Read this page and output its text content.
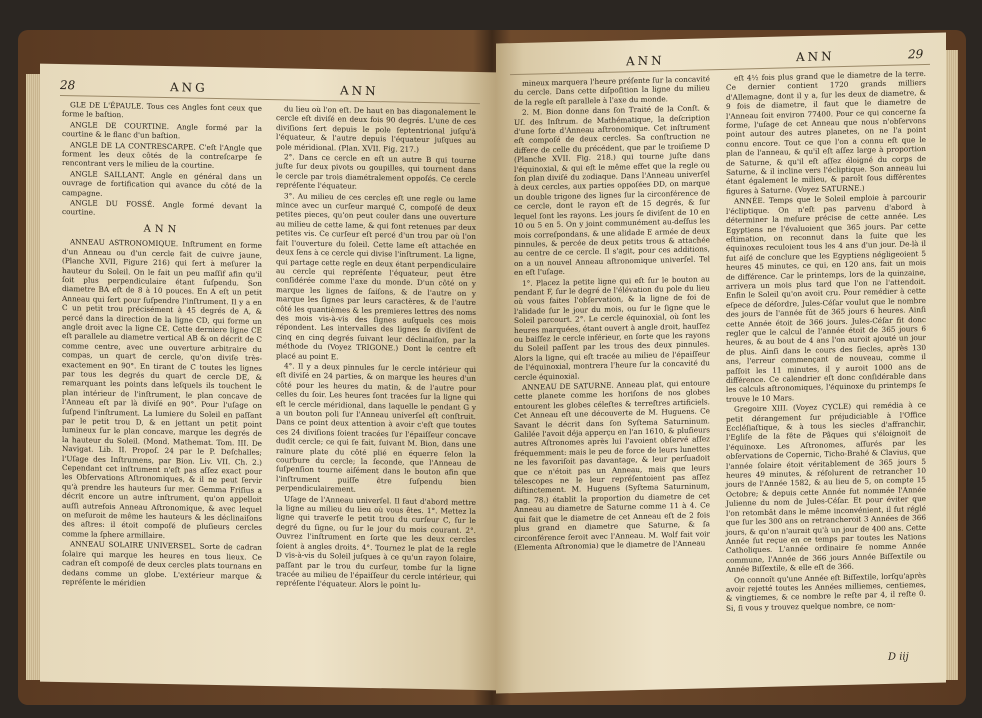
28	ANG	ANN

GLE DE L'ÉPAULE. Tous ces Angles font ceux que forme le baſtion.

ANGLE DE COURTINE. Angle formé par la courtine & le flanc d'un baſtion.

ANGLE DE LA CONTRESCARPE. C'eſt l'Angle que forment les deux côtés de la contreſcarpe ſe rencontrant vers le milieu de la courtine.

ANGLE SAILLANT. Angle en général dans un ouvrage de fortification qui avance du côté de la campagne.

ANGLE DU FOSSÉ. Angle formé devant la courtine.

ANN

ANNEAU ASTRONOMIQUE. Inſtrument en forme d'un Anneau ou d'un cercle fait de cuivre jaune, (Planche XVII, Figure 216) qui ſert à meſurer la hauteur du Soleil. On le fait un peu maſſif afin qu'il ſoit plus perpendiculaire étant ſuſpendu. Son diametre BA eſt de 8 à 10 pouces. En A eſt un petit Anneau qui ſert pour ſuſpendre l'inſtrument. Il y a en C un petit trou précisément à 45 degrés de A, & percé dans la direction de la ligne CD, qui forme un angle droit avec la ligne CE. Cette derniere ligne CE eſt parallele au diametre vertical AB & on décrit de C comme centre, avec une ouverture arbitraire du compas, un quart de cercle, qu'on diviſe très-exactement en 90°. En tirant de C toutes les lignes par tous les degrés du quart de cercle DE, & remarquant les points dans leſquels ils touchent le plan intérieur de l'inſtrument, le plan concave de l'Anneau eſt par là diviſé en 90°. Pour l'uſage on ſuſpend l'inſtrument. La lumiere du Soleil en paſſant par le petit trou D, & en jettant un petit point lumineux ſur le plan concave, marque les degrés de la hauteur du Soleil. (Mond. Mathemat. Tom. III. De Navigat. Lib. II. Propoſ. 24 par le P. Deſchalles; l'Uſage des Inſtrumens, par Bion. Liv. VII. Ch. 2.) Cependant cet inſtrument n'eſt pas aſſez exact pour les Obſervations Aſtronomiques, & il ne peut ſervir qu'à prendre les hauteurs ſur mer. Gemma Friſius a décrit encore un autre inſtrument, qu'on appelloit auſſi autrefois Anneau Aſtronomique, & avec lequel on meſuroit de même les hauteurs & les déclinaiſons des aſtres: il étoit compoſé de pluſieurs cercles comme la ſphere armillaire.

ANNEAU SOLAIRE UNIVERSEL. Sorte de cadran ſolaire qui marque les heures en tous lieux. Ce cadran eſt compoſé de deux cercles plats tournans en dedans comme un globe. L'extérieur marque & repréſente le méridien

du lieu où l'on eſt. De haut en bas diagonalement le cercle eſt diviſé en deux fois 90 degrés. L'une de ces diviſions ſert depuis le pole ſeptentrional juſqu'à l'équateur, & l'autre depuis l'équateur juſques au pole méridional. (Plan. XVII. Fig. 217.)

2°. Dans ce cercle en eſt un autre B qui tourne juſte ſur deux pivots ou goupilles, qui tournent dans le cercle par trois diamétralement oppoſés. Ce cercle repréſente l'équateur.

3°. Au milieu de ces cercles eſt une regle ou lame mince avec un curſeur marqué C, compoſé de deux petites pieces, qu'on peut couler dans une ouverture au milieu de cette lame, & qui font retenues par deux petites vis. Ce curſeur eſt percé d'un trou par où l'on fait l'ouverture du ſoleil. Cette lame eſt attachée en deux ſens à ce cercle qui divise l'inſtrument. La ligne, qui partage cette regle en deux étant perpendiculaire au cercle qui repréſente l'équateur, peut être conſidérée comme l'axe du monde. D'un côté on y marque les lignes de ſaiſons, & de l'autre on y marque les ſignes par leurs caractères, & de l'autre côté les quantièmes & les premieres lettres des noms des mois vis-à-vis des ſignes auſquels ces mois répondent. Les intervalles des lignes ſe diviſent de cinq en cinq degrés ſuivant leur déclinaiſon, par la méthode du (Voyez TRIGONE.) Dont le centre eſt placé au point E.

4°. Il y a deux pinnules ſur le cercle intérieur qui eſt diviſé en 24 parties, & on marque les heures d'un côté pour les heures du matin, & de l'autre pour celles du ſoir. Les heures ſont tracées ſur la ligne qui eſt le cercle méridional, dans laquelle le pendant G y a un bouton poli ſur l'Anneau univerſel eſt conſtruit. Dans ce point deux attention à avoir c'eſt que toutes ces 24 diviſions ſoient tracées ſur l'épaiſſeur concave dudit cercle; ce qui ſe fait, ſuivant M. Bion, dans une rainure plate du côté plié en équerre ſelon la courbure du cercle; la ſeconde, que l'Anneau de ſuſpenſion tourne aiſément dans le bouton afin que l'inſtrument puiſſe être ſuſpendu bien perpendiculairement.

Uſage de l'Anneau univerſel. Il faut d'abord mettre la ligne au milieu du lieu où vous êtes. 1°. Mettez la ligne qui traverſe le petit trou du curſeur C, ſur le degré du ſigne, ou ſur le jour du mois courant. 2°. Ouvrez l'inſtrument en ſorte que les deux cercles ſoient à angles droits. 4°. Tournez le plat de la regle D vis-à-vis du Soleil juſques à ce qu'un rayon ſolaire, paſſant par le trou du curſeur, tombe ſur la ligne tracée au milieu de l'épaiſſeur du cercle intérieur, qui repréſente l'équateur. Alors le point lu-

ANN	ANN	29

mineux marquera l'heure préſente ſur la concavité du cercle. Dans cette diſpoſition la ligne du milieu de la regle eſt parallele à l'axe du monde.

2. M. Bion donne dans ſon Traité de la Conſt. & Uſ. des Inſtrum. de Mathématique, la deſcription d'une ſorte d'Anneau aſtronomique. Cet inſtrument eſt compoſé de deux cercles. Sa conſtruction ne differe de celle du précédent, que par le troiſieme D (Planche XVII. Fig. 218.) qui tourne juſte dans l'équinoxial, & qui eſt le même effet que la regle ou ſon plan diviſé du zodiaque. Dans l'Anneau univerſel à deux cercles, aux parties oppoſées DD, on marque un double trigone des lignes ſur la circonférence de ce cercle, dont le rayon eſt de 15 degrés, & ſur lequel ſont les rayons. Les jours ſe diviſent de 10 en 10 ou 5 en 5. On y joint communément au-deſſus les mois correſpondans, & une alidade E armée de deux pinnules, & percée de deux petits trous & attachée au centre de ce cercle. Il s'agit, pour ces additions, on a un nouvel Anneau aſtronomique univerſel. Tel en eſt l'uſage.

1°. Placez la petite ligne qui eſt ſur le bouton au pendant F, ſur le degré de l'élévation du pole du lieu où vous faites l'obſervation, & la ligne de foi de l'alidade ſur le jour du mois, ou ſur le ſigne que le Soleil parcourt. 2°. Le cercle équinoxial, où ſont les heures marquées, étant ouvert à angle droit, hauſſez ou baiſſez le cercle inférieur, en ſorte que les rayons du Soleil paſſent par les trous des deux pinnules. Alors la ligne, qui eſt tracée au milieu de l'épaiſſeur de l'équinoxial, montrera l'heure ſur la concavité du cercle équinoxial.

ANNEAU DE SATURNE. Anneau plat, qui entoure cette planete comme les horiſons de nos globes entourent les globes céleſtes & terreſtres artificiels. Cet Anneau eſt une découverte de M. Huguens. Ce Savant le décrit dans ſon Syſtema Saturninum. Galilée l'avoit déja apperçu en l'an 1610, & pluſieurs autres Aſtronomes après lui l'avoient obſervé aſſez fréquemment: mais le peu de force de leurs lunettes ne les favoriſoit pas davantage, & leur perſuadoit que ce n'étoit pas un Anneau, mais que leurs télescopes ne le leur repréſentoient pas aſſez diſtinctement. M. Huguens (Syſtema Saturninum, pag. 78.) établit la proportion du diametre de cet Anneau au diametre de Saturne comme 11 à 4. Ce qui fait que le diametre de cet Anneau eſt de 2 fois plus grand en diametre que Saturne, & ſa circonférence ſeroit avec l'Anneau. M. Wolf fait voir (Elementa Aſtronomia) que le diametre de l'Anneau

eſt 4½ fois plus grand que le diametre de la terre. Ce dernier contient 1720 grands milliers d'Allemagne, dont il y a, ſur les deux de diametre, & 9 fois de diametre, il faut que le diametre de l'Anneau ſoit environ 77400. Pour ce qui concerne ſa forme, l'uſage de cet Anneau que nous n'obſervons point autour des autres planetes, on ne l'a point connu encore. Tout ce que l'on a connu eſt que le plan de l'anneau, & qu'il eſt aſſez large à proportion de Saturne, & qu'il eſt aſſez éloigné du corps de Saturne, & il incline vers l'écliptique. Son anneau lui étant également le milieu, & paroît ſous différentes figures à Saturne. (Voyez SATURNE.)

ANNÉE. Temps que le Soleil emploie à parcourir l'écliptique. On n'eſt pas parvenu d'abord à déterminer la meſure précise de cette année. Les Egyptiens ne l'évaluoient que 365 jours. Par cette eſtimation, on reconnut dans la ſuite que les équinoxes reculoient tous les 4 ans d'un jour. De-là il fut aiſé de conclure que les Egyptiens négligeoient 5 heures 45 minutes, ce qui, en 120 ans, fait un mois de différence. Car le printemps, lors de la quinzaine, arrivera un mois plus tard que l'on ne l'attendoit. Enfin le Soleil qu'on avoit cru. Pour remédier à cette eſpece de déſordre, Jules-Céſar voulut que le nombre des jours de l'année fût de 365 jours 6 heures. Ainſi cette Année étoit de 366 jours. Jules-Céſar fit donc regler que le calcul de l'année étoit de 365 jours 6 heures, & au bout de 4 ans l'on auroit ajouté un jour de plus. Ainſi dans le cours des ſiecles, après 130 ans, l'erreur commençant de nouveau, comme il paſſoit les 11 minutes, il y auroit 1000 ans de différence. Ce calendrier eſt donc conſidérable dans les calculs aſtronomiques, l'équinoxe du printemps ſe trouve le 10 Mars.

Gregoire XIII. (Voyez CYCLE) qui remédia à ce petit dérangement ſur préjudiciable à l'Office Eccléſiaſtique, & à tous les siecles d'affranchir, l'Egliſe de la fête de Pâques qui s'éloignoit de l'équinoxe. Les Aſtronomes, aſſurés par les obſervations de Copernic, Ticho-Brahé & Clavius, que l'année ſolaire étoit véritablement de 365 jours 5 heures 49 minutes, & réſolurent de retrancher 10 jours de l'Année 1582, & au lieu de 5, on compte 15 Octobre; & depuis cette Année fut nommée l'Année Julienne du nom de Jules-Céſar. Et pour éviter que l'on retombât dans le même inconvénient, il fut réglé que ſur les 300 ans on retrancheroit 3 Années de 366 jours, & qu'on n'aurait qu'à un jour de 400 ans. Cette Année ſut reçue en ce temps par toutes les Nations Catholiques. L'année ordinaire ſe nomme Année commune, l'Année de 366 jours Année Biſſextile ou Année Biſſextile, & elle eſt de 366.

On connoît qu'une Année eſt Biſſextile, lorſqu'après avoir rejetté toutes les Années milliemes, centiemes, & vingtiemes, & ce nombre le reſte par 4, il reſte 0. Si, ſi vous y trouvez quelque nombre, ce nom-

D iij
